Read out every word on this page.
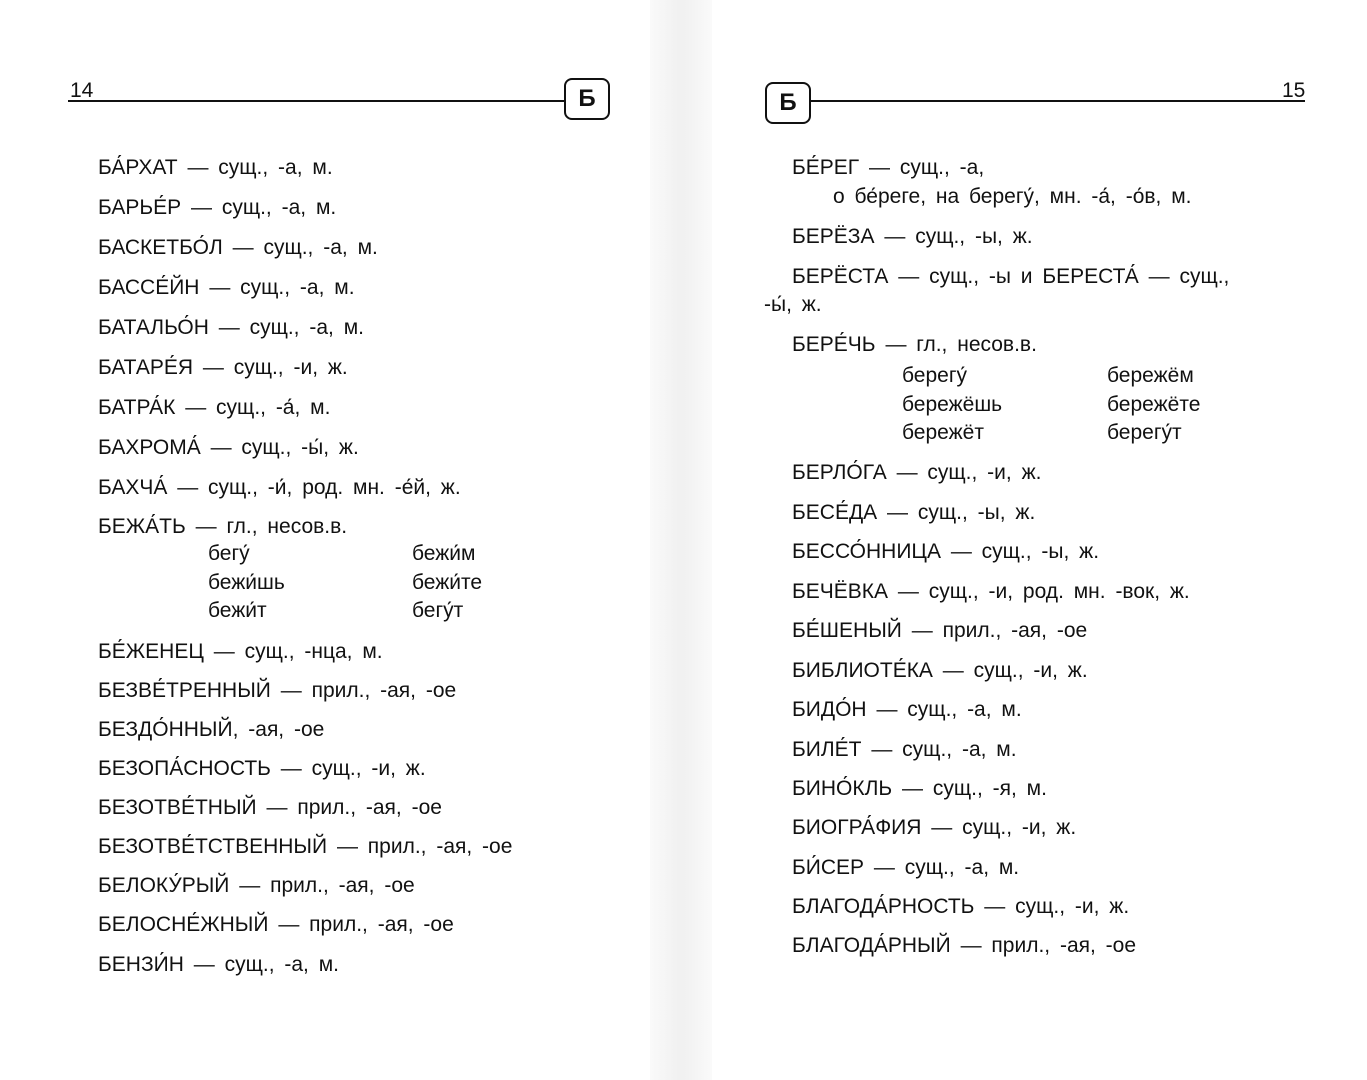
14	Б
БА́РХАТ — сущ., -а, м.
БАРЬЕ́Р — сущ., -а, м.
БАСКЕТБО́Л — сущ., -а, м.
БАССЕ́ЙН — сущ., -а, м.
БАТАЛЬО́Н — сущ., -а, м.
БАТАРЕ́Я — сущ., -и, ж.
БАТРА́К — сущ., -а́, м.
БАХРОМА́ — сущ., -ы́, ж.
БАХЧА́ — сущ., -и́, род. мн. -е́й, ж.
БЕЖА́ТЬ — гл., несов.в.
бегу́
бежи́шь
бежи́т
бежи́м
бежи́те
бегу́т
БЕ́ЖЕНЕЦ — сущ., -нца, м.
БЕЗВЕ́ТРЕННЫЙ — прил., -ая, -ое
БЕЗДО́ННЫЙ, -ая, -ое
БЕЗОПА́СНОСТЬ — сущ., -и, ж.
БЕЗОТВЕ́ТНЫЙ — прил., -ая, -ое
БЕЗОТВЕ́ТСТВЕННЫЙ — прил., -ая, -ое
БЕЛОКУ́РЫЙ — прил., -ая, -ое
БЕЛОСНЕ́ЖНЫЙ — прил., -ая, -ое
БЕНЗИ́Н — сущ., -а, м.
Б	15
БЕ́РЕГ — сущ., -а,
о бе́реге, на берегу́, мн. -а́, -о́в, м.
БЕРЁЗА — сущ., -ы, ж.
БЕРЁСТА — сущ., -ы и БЕРЕСТА́ — сущ.,
-ы́, ж.
БЕРЕ́ЧЬ — гл., несов.в.
берегу́
бережёшь
бережёт
бережём
бережёте
берегу́т
БЕРЛО́ГА — сущ., -и, ж.
БЕСЕ́ДА — сущ., -ы, ж.
БЕССО́ННИЦА — сущ., -ы, ж.
БЕЧЁВКА — сущ., -и, род. мн. -вок, ж.
БЕ́ШЕНЫЙ — прил., -ая, -ое
БИБЛИОТЕ́КА — сущ., -и, ж.
БИДО́Н — сущ., -а, м.
БИЛЕ́Т — сущ., -а, м.
БИНО́КЛЬ — сущ., -я, м.
БИОГРА́ФИЯ — сущ., -и, ж.
БИ́СЕР — сущ., -а, м.
БЛАГОДА́РНОСТЬ — сущ., -и, ж.
БЛАГОДА́РНЫЙ — прил., -ая, -ое
